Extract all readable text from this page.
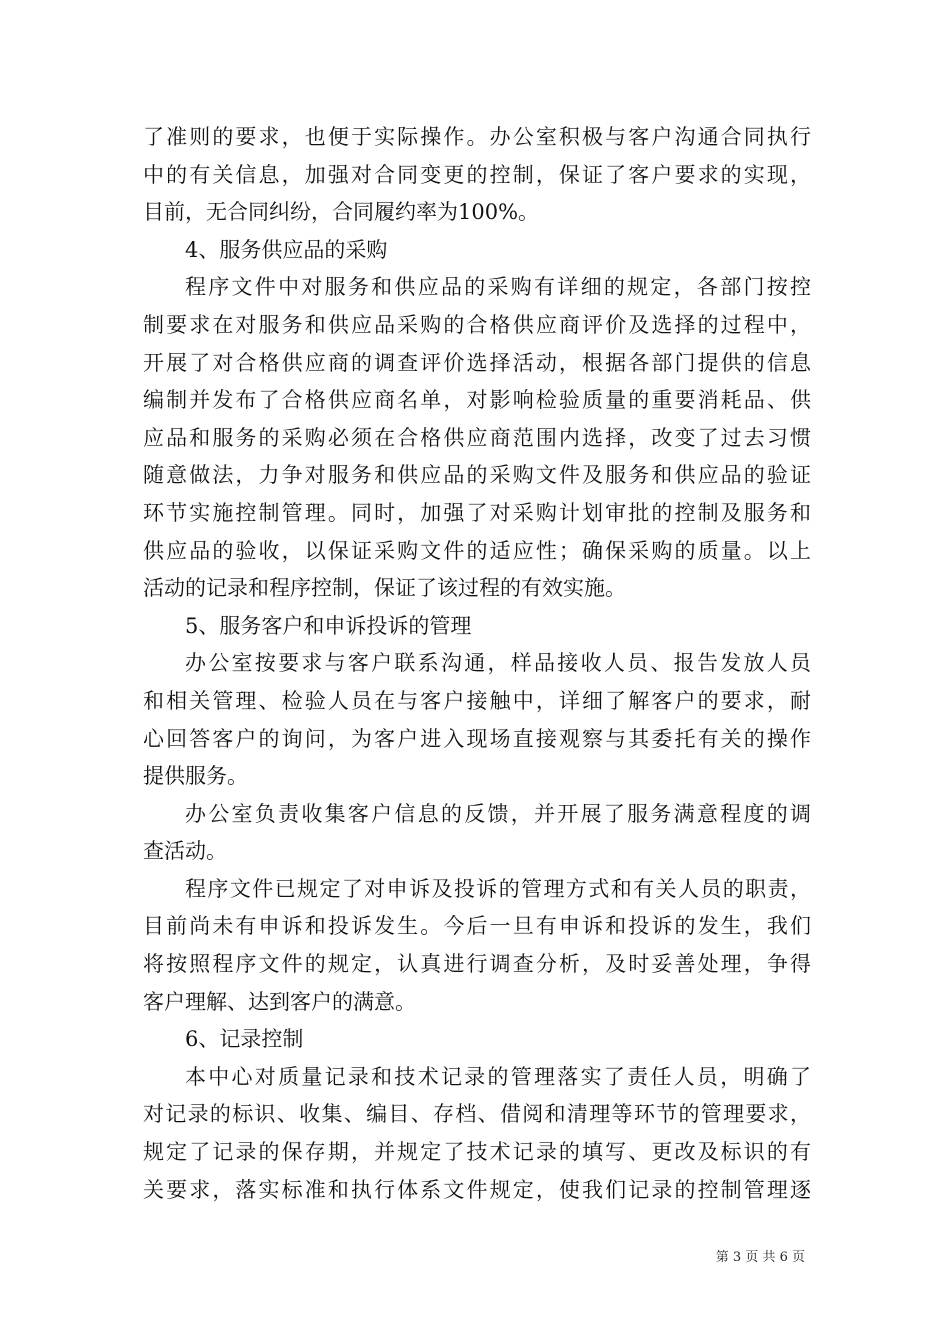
了准则的要求，也便于实际操作。办公室积极与客户沟通合同执行
中的有关信息，加强对合同变更的控制，保证了客户要求的实现，
目前，无合同纠纷，合同履约率为100%。
4、服务供应品的采购
程序文件中对服务和供应品的采购有详细的规定，各部门按控
制要求在对服务和供应品采购的合格供应商评价及选择的过程中，
开展了对合格供应商的调查评价选择活动，根据各部门提供的信息
编制并发布了合格供应商名单，对影响检验质量的重要消耗品、供
应品和服务的采购必须在合格供应商范围内选择，改变了过去习惯
随意做法，力争对服务和供应品的采购文件及服务和供应品的验证
环节实施控制管理。同时，加强了对采购计划审批的控制及服务和
供应品的验收，以保证采购文件的适应性；确保采购的质量。以上
活动的记录和程序控制，保证了该过程的有效实施。
5、服务客户和申诉投诉的管理
办公室按要求与客户联系沟通，样品接收人员、报告发放人员
和相关管理、检验人员在与客户接触中，详细了解客户的要求，耐
心回答客户的询问，为客户进入现场直接观察与其委托有关的操作
提供服务。
办公室负责收集客户信息的反馈，并开展了服务满意程度的调
查活动。
程序文件已规定了对申诉及投诉的管理方式和有关人员的职责，
目前尚未有申诉和投诉发生。今后一旦有申诉和投诉的发生，我们
将按照程序文件的规定，认真进行调查分析，及时妥善处理，争得
客户理解、达到客户的满意。
6、记录控制
本中心对质量记录和技术记录的管理落实了责任人员，明确了
对记录的标识、收集、编目、存档、借阅和清理等环节的管理要求，
规定了记录的保存期，并规定了技术记录的填写、更改及标识的有
关要求，落实标准和执行体系文件规定，使我们记录的控制管理逐
第 3 页 共 6 页
